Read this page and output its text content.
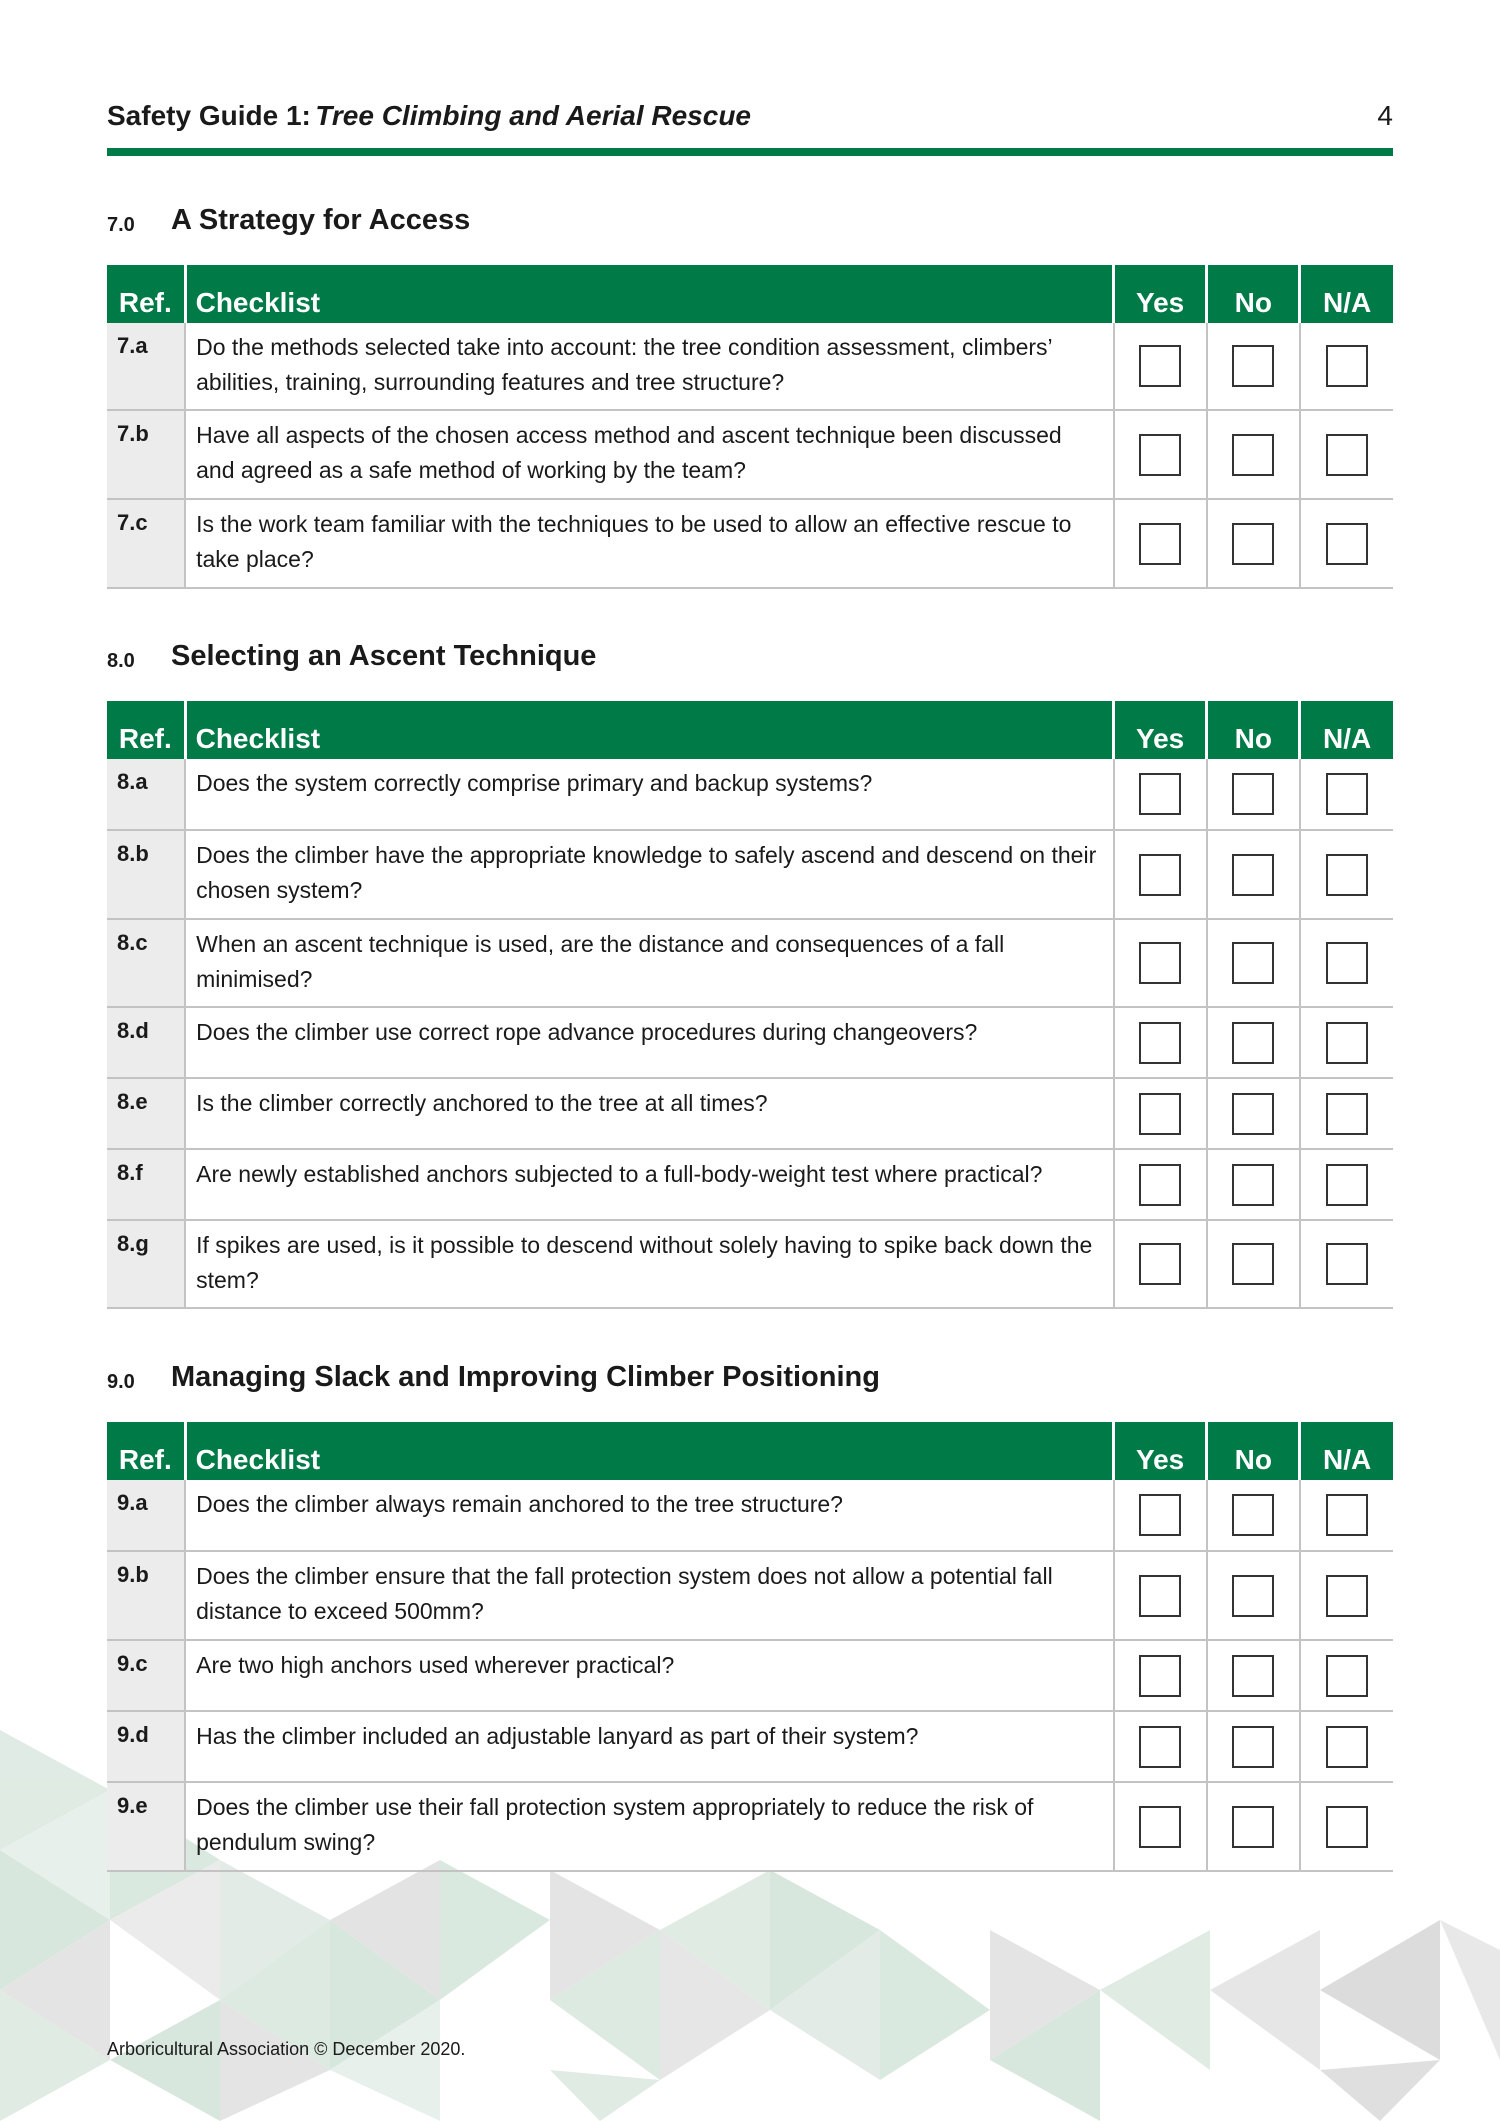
Safety Guide 1: Tree Climbing and Aerial Rescue	4
7.0 A Strategy for Access
Ref.	Checklist	Yes	No	N/A
7.a	Do the methods selected take into account: the tree condition assessment, climbers’ abilities, training, surrounding features and tree structure?			
7.b	Have all aspects of the chosen access method and ascent technique been discussed and agreed as a safe method of working by the team?			
7.c	Is the work team familiar with the techniques to be used to allow an effective rescue to take place?			
8.0 Selecting an Ascent Technique
Ref.	Checklist	Yes	No	N/A
8.a	Does the system correctly comprise primary and backup systems?			
8.b	Does the climber have the appropriate knowledge to safely ascend and descend on their chosen system?			
8.c	When an ascent technique is used, are the distance and consequences of a fall minimised?			
8.d	Does the climber use correct rope advance procedures during changeovers?			
8.e	Is the climber correctly anchored to the tree at all times?			
8.f	Are newly established anchors subjected to a full-body-weight test where practical?			
8.g	If spikes are used, is it possible to descend without solely having to spike back down the stem?			
9.0 Managing Slack and Improving Climber Positioning
Ref.	Checklist	Yes	No	N/A
9.a	Does the climber always remain anchored to the tree structure?			
9.b	Does the climber ensure that the fall protection system does not allow a potential fall distance to exceed 500mm?			
9.c	Are two high anchors used wherever practical?			
9.d	Has the climber included an adjustable lanyard as part of their system?			
9.e	Does the climber use their fall protection system appropriately to reduce the risk of pendulum swing?			
Arboricultural Association © December 2020.
